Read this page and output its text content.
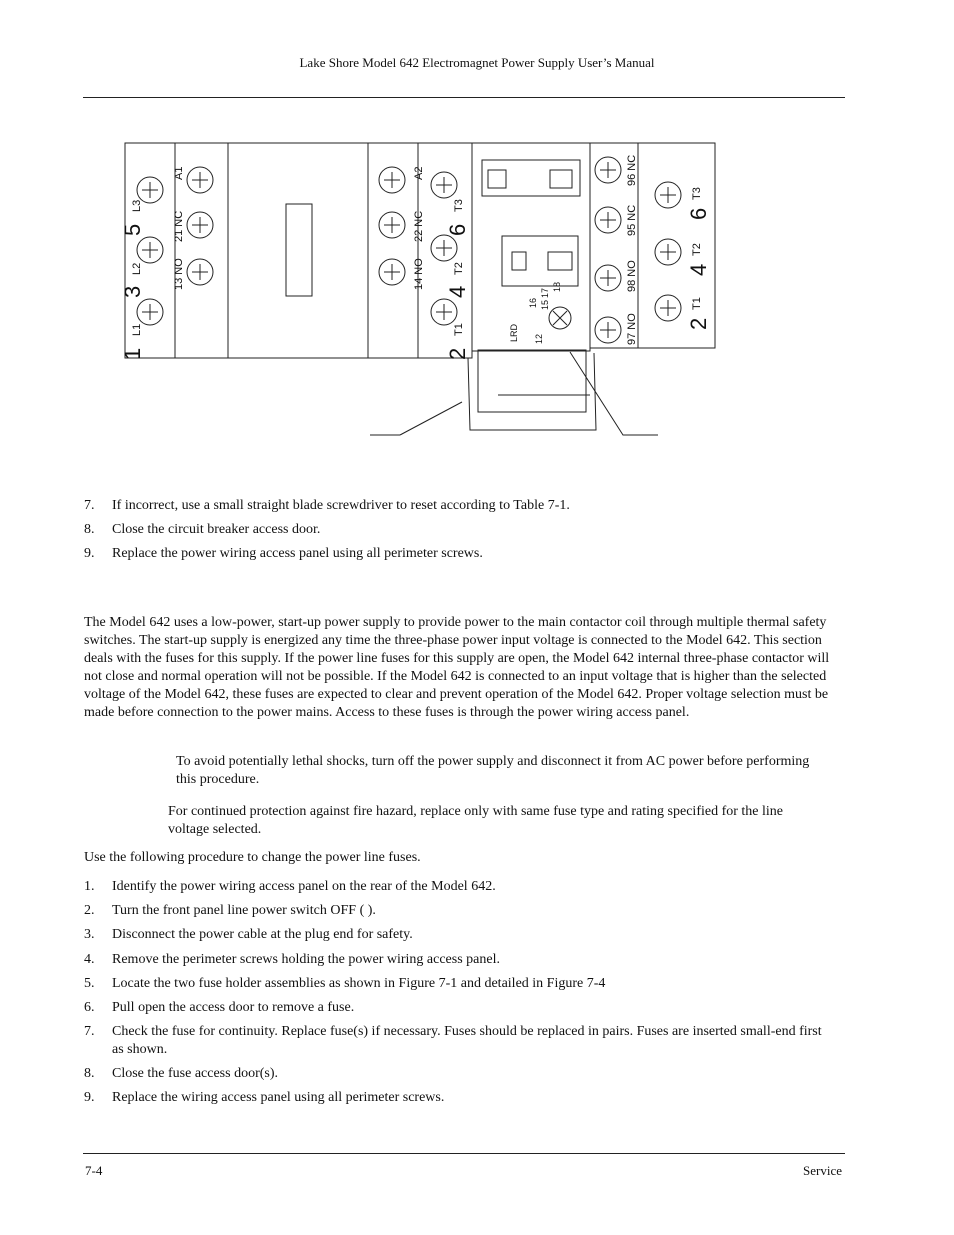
Lake Shore Model 642 Electromagnet Power Supply User’s Manual
1
3
5
L1
L2
L3
13 NO
21 NC
A1
14 NO
22 NC
A2
2
4
6
T1
T2
T3
LRD 12
16 15
17
18
97 NO
98 NO
95 NC
96 NC
2
4
6
T1
T2
T3
7.	If incorrect, use a small straight blade screwdriver to reset according to Table 7-1.
8.	Close the circuit breaker access door.
9.	Replace the power wiring access panel using all perimeter screws.

The Model 642 uses a low-power, start-up power supply to provide power to the main contactor coil through multiple thermal safety switches. The start-up supply is energized any time the three-phase power input voltage is connected to the Model 642. This section deals with the fuses for this supply. If the power line fuses for this supply are open, the Model 642 internal three-phase contactor will not close and normal operation will not be possible. If the Model 642 is connected to an input voltage that is higher than the selected voltage of the Model 642, these fuses are expected to clear and prevent operation of the Model 642. Proper voltage selection must be made before connection to the power mains. Access to these fuses is through the power wiring access panel.

To avoid potentially lethal shocks, turn off the power supply and disconnect it from AC power before performing this procedure.
For continued protection against fire hazard, replace only with same fuse type and rating specified for the line voltage selected.

Use the following procedure to change the power line fuses.

1.	Identify the power wiring access panel on the rear of the Model 642.
2.	Turn the front panel line power switch OFF ( ).
3.	Disconnect the power cable at the plug end for safety.
4.	Remove the perimeter screws holding the power wiring access panel.
5.	Locate the two fuse holder assemblies as shown in Figure 7-1 and detailed in Figure 7-4
6.	Pull open the access door to remove a fuse.
7.	Check the fuse for continuity. Replace fuse(s) if necessary. Fuses should be replaced in pairs. Fuses are inserted small-end first as shown.
8.	Close the fuse access door(s).
9.	Replace the wiring access panel using all perimeter screws.
7-4	Service
